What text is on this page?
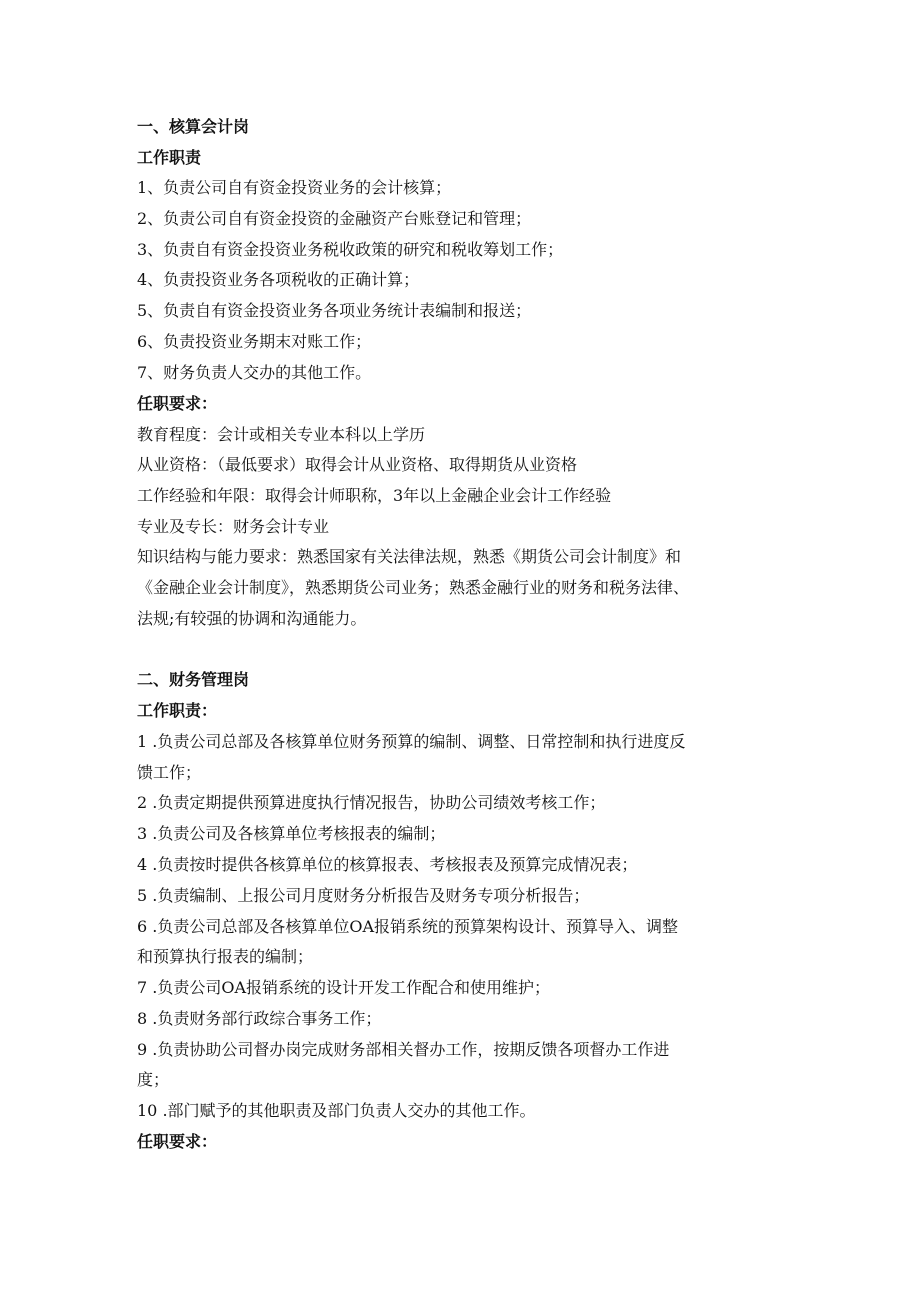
一、核算会计岗
工作职责
1、负责公司自有资金投资业务的会计核算；
2、负责公司自有资金投资的金融资产台账登记和管理；
3、负责自有资金投资业务税收政策的研究和税收筹划工作；
4、负责投资业务各项税收的正确计算；
5、负责自有资金投资业务各项业务统计表编制和报送；
6、负责投资业务期末对账工作；
7、财务负责人交办的其他工作。
任职要求：
教育程度：会计或相关专业本科以上学历
从业资格：（最低要求）取得会计从业资格、取得期货从业资格
工作经验和年限：取得会计师职称，3年以上金融企业会计工作经验
专业及专长：财务会计专业
知识结构与能力要求：熟悉国家有关法律法规，熟悉《期货公司会计制度》和
《金融企业会计制度》，熟悉期货公司业务；熟悉金融行业的财务和税务法律、
法规;有较强的协调和沟通能力。
二、财务管理岗
工作职责：
1 .负责公司总部及各核算单位财务预算的编制、调整、日常控制和执行进度反
馈工作；
2 .负责定期提供预算进度执行情况报告，协助公司绩效考核工作；
3 .负责公司及各核算单位考核报表的编制；
4 .负责按时提供各核算单位的核算报表、考核报表及预算完成情况表；
5 .负责编制、上报公司月度财务分析报告及财务专项分析报告；
6 .负责公司总部及各核算单位OA报销系统的预算架构设计、预算导入、调整
和预算执行报表的编制；
7 .负责公司OA报销系统的设计开发工作配合和使用维护；
8 .负责财务部行政综合事务工作；
9 .负责协助公司督办岗完成财务部相关督办工作，按期反馈各项督办工作进
度；
10 .部门赋予的其他职责及部门负责人交办的其他工作。
任职要求：
